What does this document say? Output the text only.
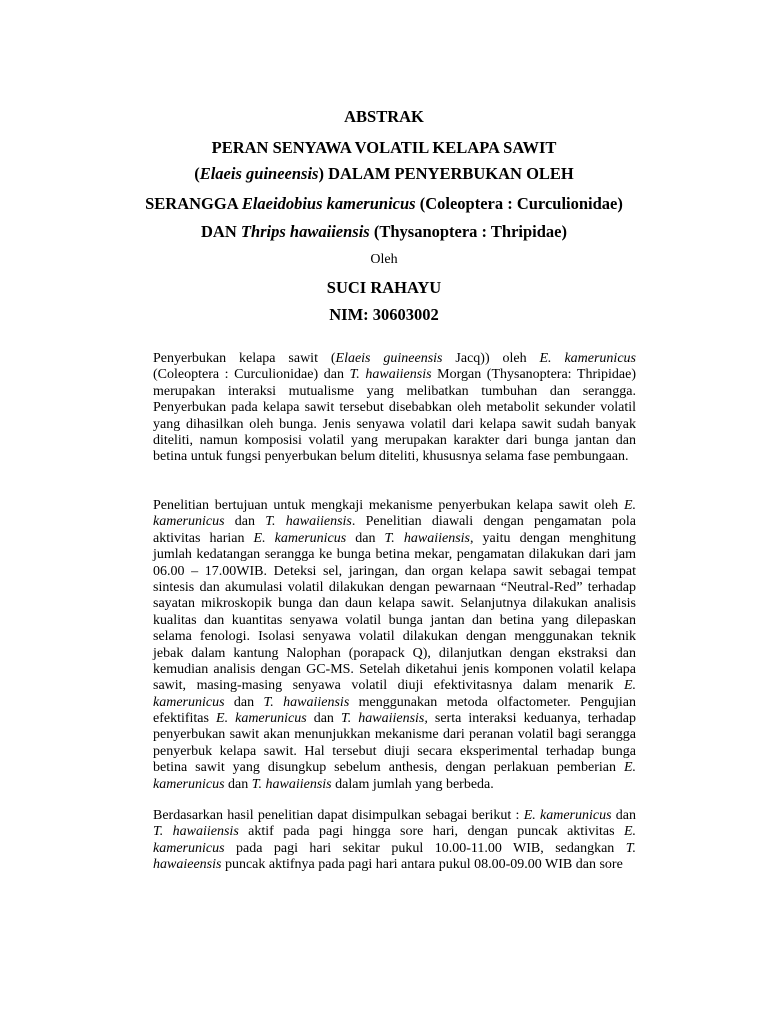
ABSTRAK
PERAN SENYAWA VOLATIL KELAPA SAWIT
(Elaeis guineensis) DALAM PENYERBUKAN OLEH
SERANGGA Elaeidobius kamerunicus (Coleoptera : Curculionidae)
DAN Thrips hawaiiensis (Thysanoptera : Thripidae)
Oleh
SUCI RAHAYU
NIM: 30603002
Penyerbukan kelapa sawit (Elaeis guineensis Jacq)) oleh E. kamerunicus
(Coleoptera : Curculionidae) dan T. hawaiiensis Morgan (Thysanoptera: Thripidae)
merupakan interaksi mutualisme yang melibatkan tumbuhan dan serangga.
Penyerbukan pada kelapa sawit tersebut disebabkan oleh metabolit sekunder volatil
yang dihasilkan oleh bunga. Jenis senyawa volatil dari kelapa sawit sudah banyak
diteliti, namun komposisi volatil yang merupakan karakter dari bunga jantan dan
betina untuk fungsi penyerbukan belum diteliti, khususnya selama fase pembungaan.
Penelitian bertujuan untuk mengkaji mekanisme penyerbukan kelapa sawit oleh E.
kamerunicus dan T. hawaiiensis. Penelitian diawali dengan pengamatan pola
aktivitas harian E. kamerunicus dan T. hawaiiensis, yaitu dengan menghitung
jumlah kedatangan serangga ke bunga betina mekar, pengamatan dilakukan dari jam
06.00 – 17.00WIB. Deteksi sel, jaringan, dan organ kelapa sawit sebagai tempat
sintesis dan akumulasi volatil dilakukan dengan pewarnaan “Neutral-Red” terhadap
sayatan mikroskopik bunga dan daun kelapa sawit. Selanjutnya dilakukan analisis
kualitas dan kuantitas senyawa volatil bunga jantan dan betina yang dilepaskan
selama fenologi. Isolasi senyawa volatil dilakukan dengan menggunakan teknik
jebak dalam kantung Nalophan (porapack Q), dilanjutkan dengan ekstraksi dan
kemudian analisis dengan GC-MS. Setelah diketahui jenis komponen volatil kelapa
sawit, masing-masing senyawa volatil diuji efektivitasnya dalam menarik E.
kamerunicus dan T. hawaiiensis menggunakan metoda olfactometer. Pengujian
efektifitas E. kamerunicus dan T. hawaiiensis, serta interaksi keduanya, terhadap
penyerbukan sawit akan menunjukkan mekanisme dari peranan volatil bagi serangga
penyerbuk kelapa sawit. Hal tersebut diuji secara eksperimental terhadap bunga
betina sawit yang disungkup sebelum anthesis, dengan perlakuan pemberian E.
kamerunicus dan T. hawaiiensis dalam jumlah yang berbeda.
Berdasarkan hasil penelitian dapat disimpulkan sebagai berikut : E. kamerunicus dan
T. hawaiiensis aktif pada pagi hingga sore hari, dengan puncak aktivitas E.
kamerunicus pada pagi hari sekitar pukul 10.00-11.00 WIB, sedangkan T.
hawaieensis puncak aktifnya pada pagi hari antara pukul 08.00-09.00 WIB dan sore
